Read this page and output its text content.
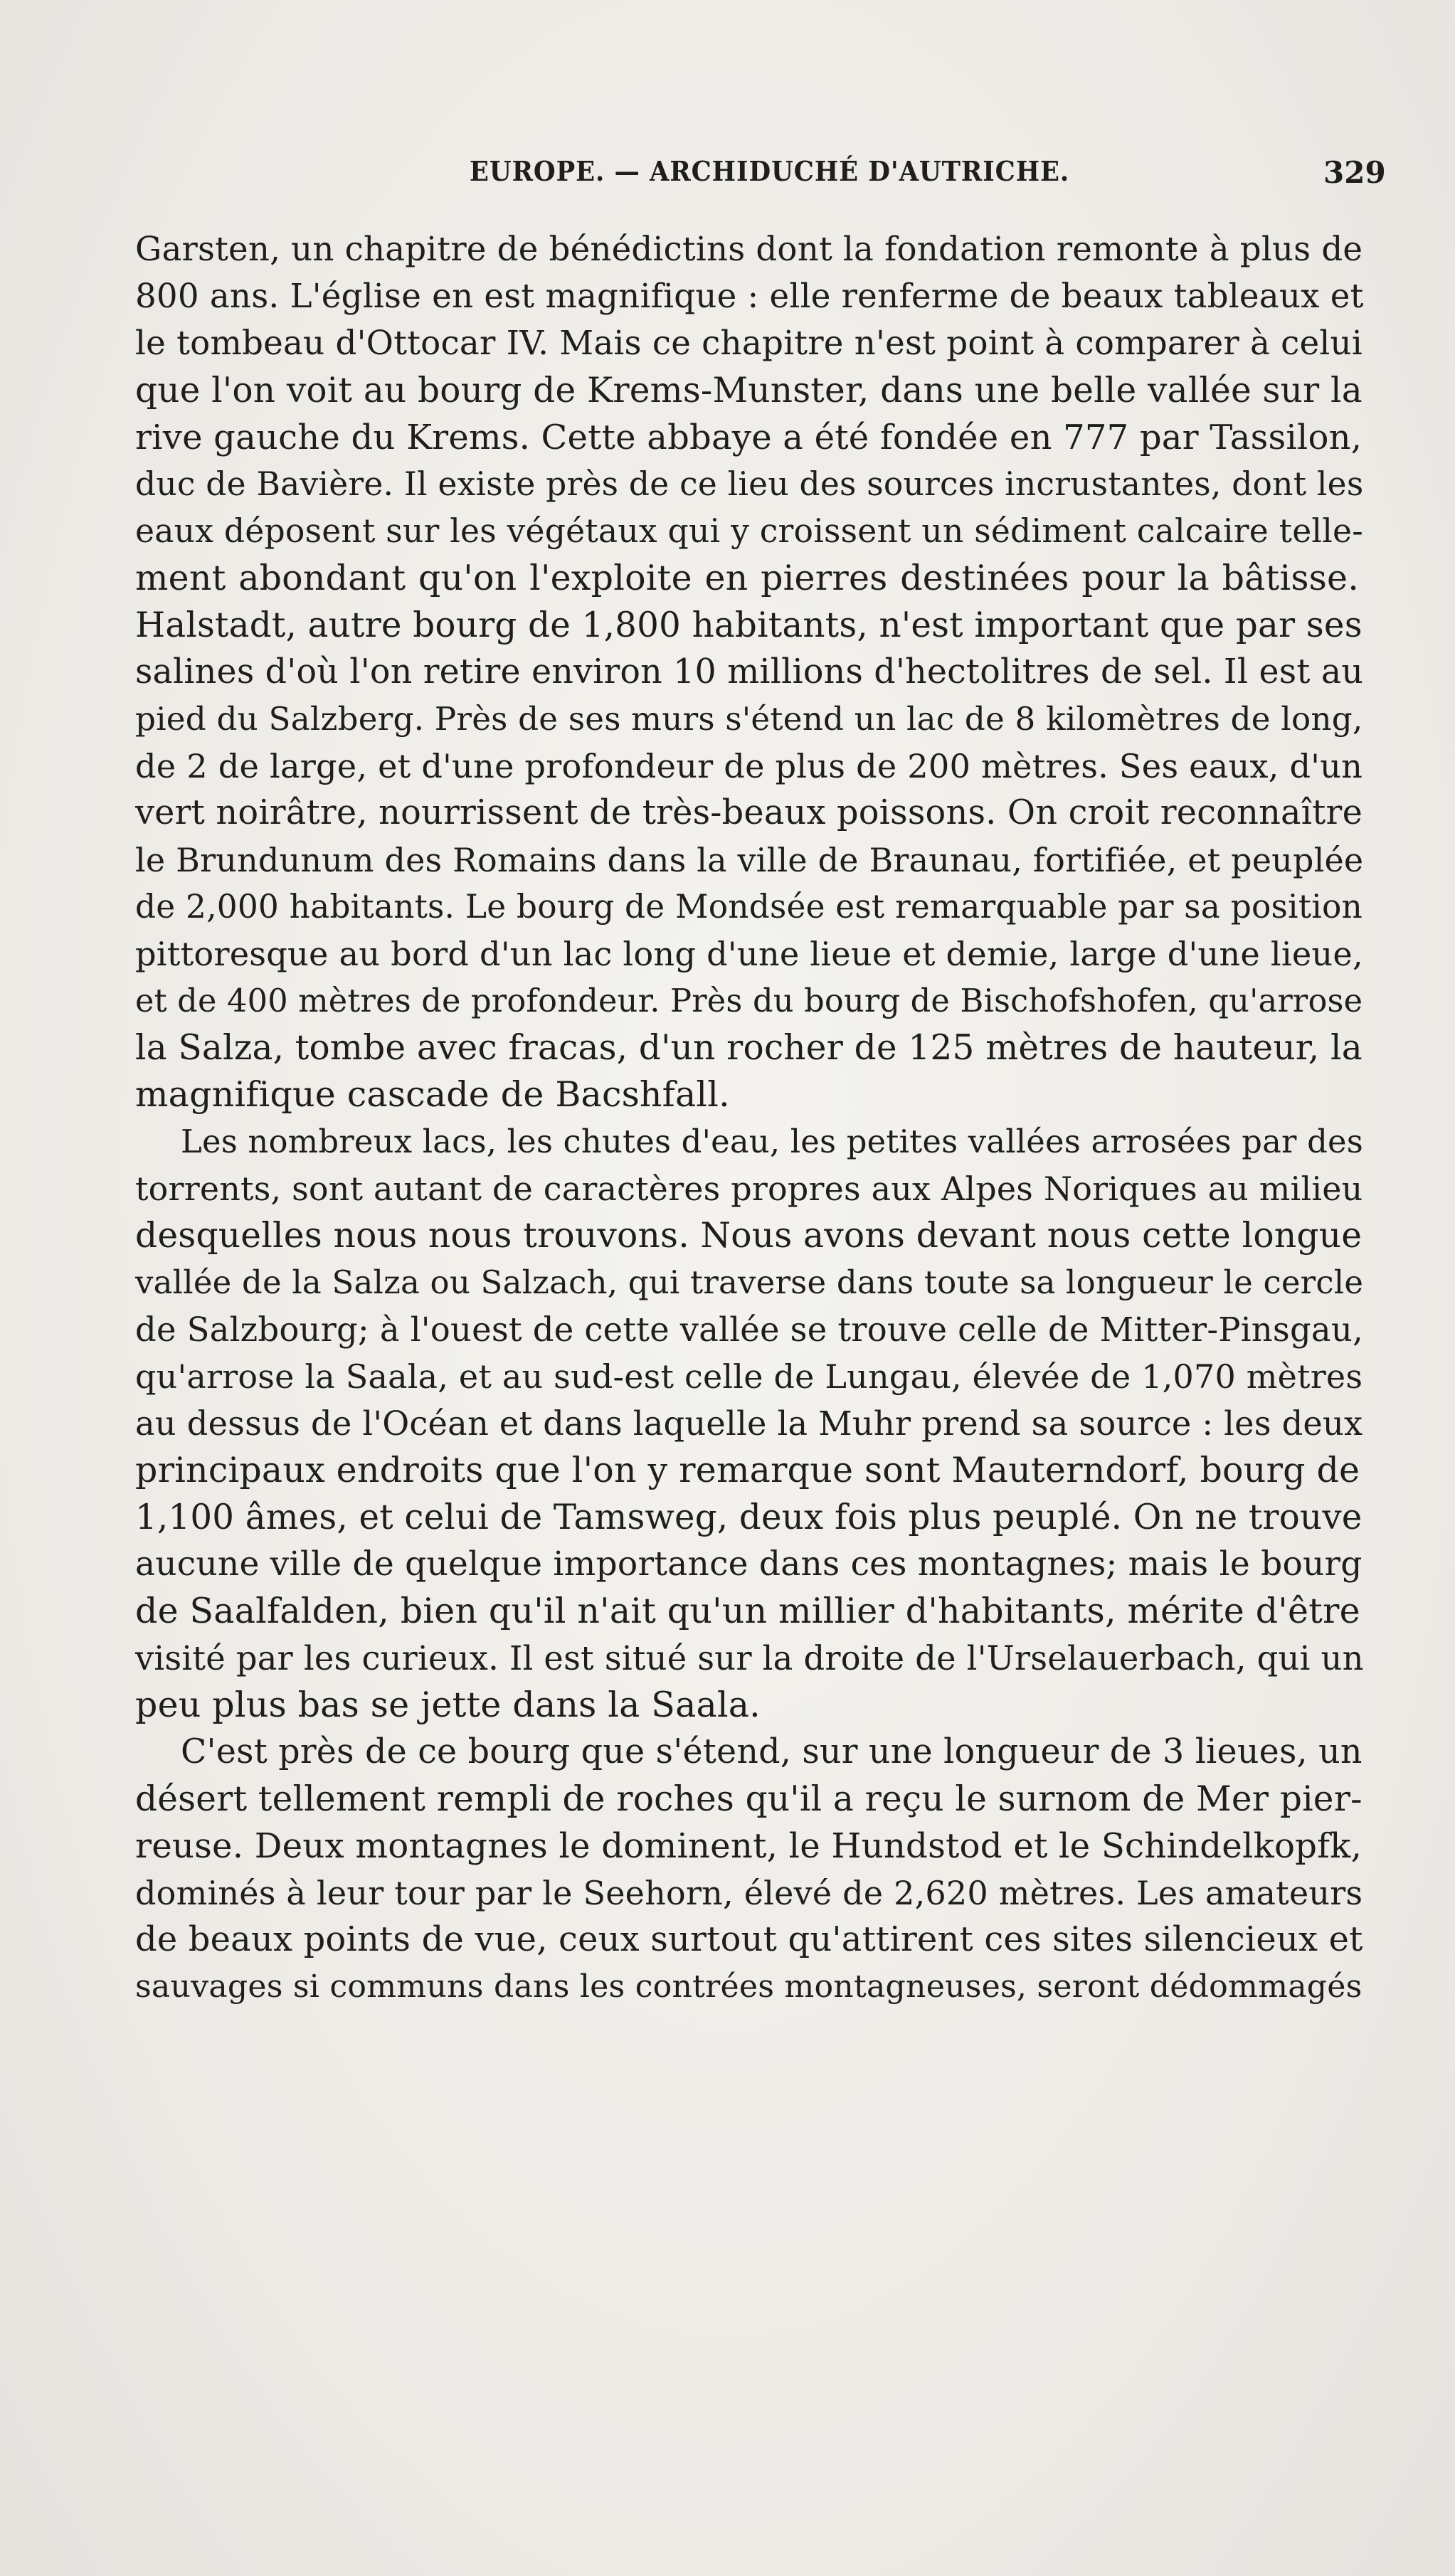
EUROPE. — ARCHIDUCHÉ D'AUTRICHE.	329
Garsten, un chapitre de bénédictins dont la fondation remonte à plus de
800 ans. L'église en est magnifique : elle renferme de beaux tableaux et
le tombeau d'Ottocar IV. Mais ce chapitre n'est point à comparer à celui
que l'on voit au bourg de Krems-Munster, dans une belle vallée sur la
rive gauche du Krems. Cette abbaye a été fondée en 777 par Tassilon,
duc de Bavière. Il existe près de ce lieu des sources incrustantes, dont les
eaux déposent sur les végétaux qui y croissent un sédiment calcaire telle-
ment abondant qu'on l'exploite en pierres destinées pour la bâtisse.
Halstadt, autre bourg de 1,800 habitants, n'est important que par ses
salines d'où l'on retire environ 10 millions d'hectolitres de sel. Il est au
pied du Salzberg. Près de ses murs s'étend un lac de 8 kilomètres de long,
de 2 de large, et d'une profondeur de plus de 200 mètres. Ses eaux, d'un
vert noirâtre, nourrissent de très-beaux poissons. On croit reconnaître
le Brundunum des Romains dans la ville de Braunau, fortifiée, et peuplée
de 2,000 habitants. Le bourg de Mondsée est remarquable par sa position
pittoresque au bord d'un lac long d'une lieue et demie, large d'une lieue,
et de 400 mètres de profondeur. Près du bourg de Bischofshofen, qu'arrose
la Salza, tombe avec fracas, d'un rocher de 125 mètres de hauteur, la
magnifique cascade de Bacshfall.
Les nombreux lacs, les chutes d'eau, les petites vallées arrosées par des
torrents, sont autant de caractères propres aux Alpes Noriques au milieu
desquelles nous nous trouvons. Nous avons devant nous cette longue
vallée de la Salza ou Salzach, qui traverse dans toute sa longueur le cercle
de Salzbourg; à l'ouest de cette vallée se trouve celle de Mitter-Pinsgau,
qu'arrose la Saala, et au sud-est celle de Lungau, élevée de 1,070 mètres
au dessus de l'Océan et dans laquelle la Muhr prend sa source : les deux
principaux endroits que l'on y remarque sont Mauterndorf, bourg de
1,100 âmes, et celui de Tamsweg, deux fois plus peuplé. On ne trouve
aucune ville de quelque importance dans ces montagnes; mais le bourg
de Saalfalden, bien qu'il n'ait qu'un millier d'habitants, mérite d'être
visité par les curieux. Il est situé sur la droite de l'Urselauerbach, qui un
peu plus bas se jette dans la Saala.
C'est près de ce bourg que s'étend, sur une longueur de 3 lieues, un
désert tellement rempli de roches qu'il a reçu le surnom de Mer pier-
reuse. Deux montagnes le dominent, le Hundstod et le Schindelkopfk,
dominés à leur tour par le Seehorn, élevé de 2,620 mètres. Les amateurs
de beaux points de vue, ceux surtout qu'attirent ces sites silencieux et
sauvages si communs dans les contrées montagneuses, seront dédommagés
